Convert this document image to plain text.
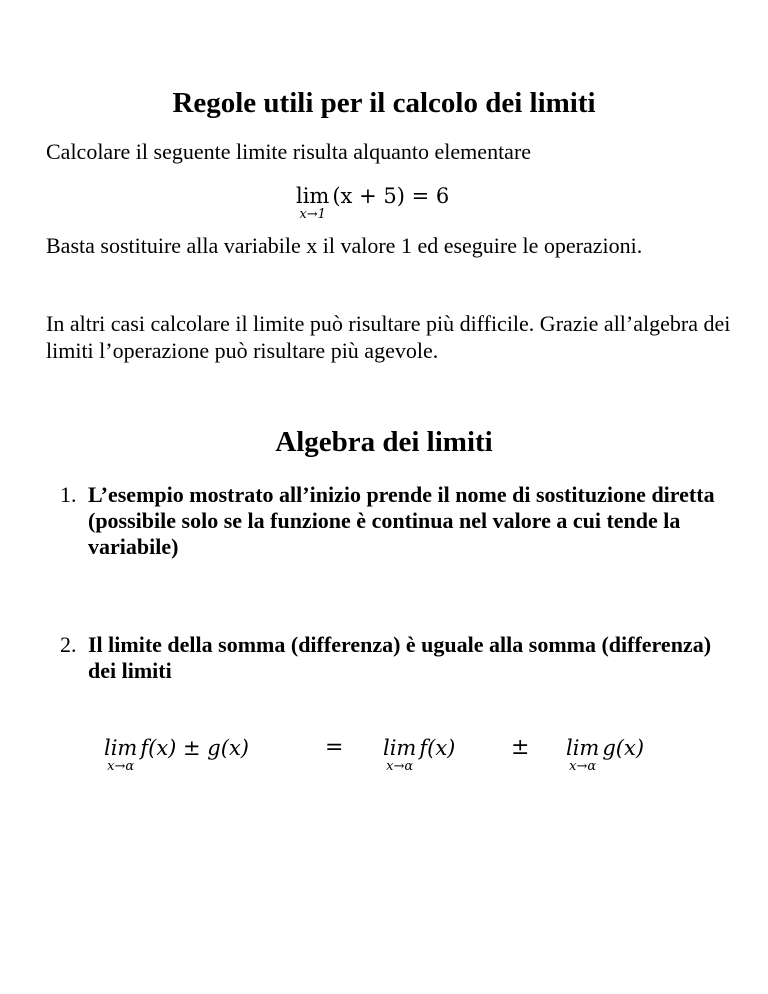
Regole utili per il calcolo dei limiti

Calcolare il seguente limite risulta alquanto elementare

lim
x→1
(x + 5) = 6

Basta sostituire alla variabile x il valore 1 ed eseguire le operazioni.

In altri casi calcolare il limite può risultare più difficile. Grazie all’algebra dei limiti l’operazione può risultare più agevole.

Algebra dei limiti
1. L’esempio mostrato all’inizio prende il nome di sostituzione diretta (possibile solo se la funzione è continua nel valore a cui tende la variabile)
2. Il limite della somma (differenza) è uguale alla somma (differenza) dei limiti
lim
x→α
f(x) ± g(x)	= lim
x→α
f(x)	± lim
x→α
g(x)
